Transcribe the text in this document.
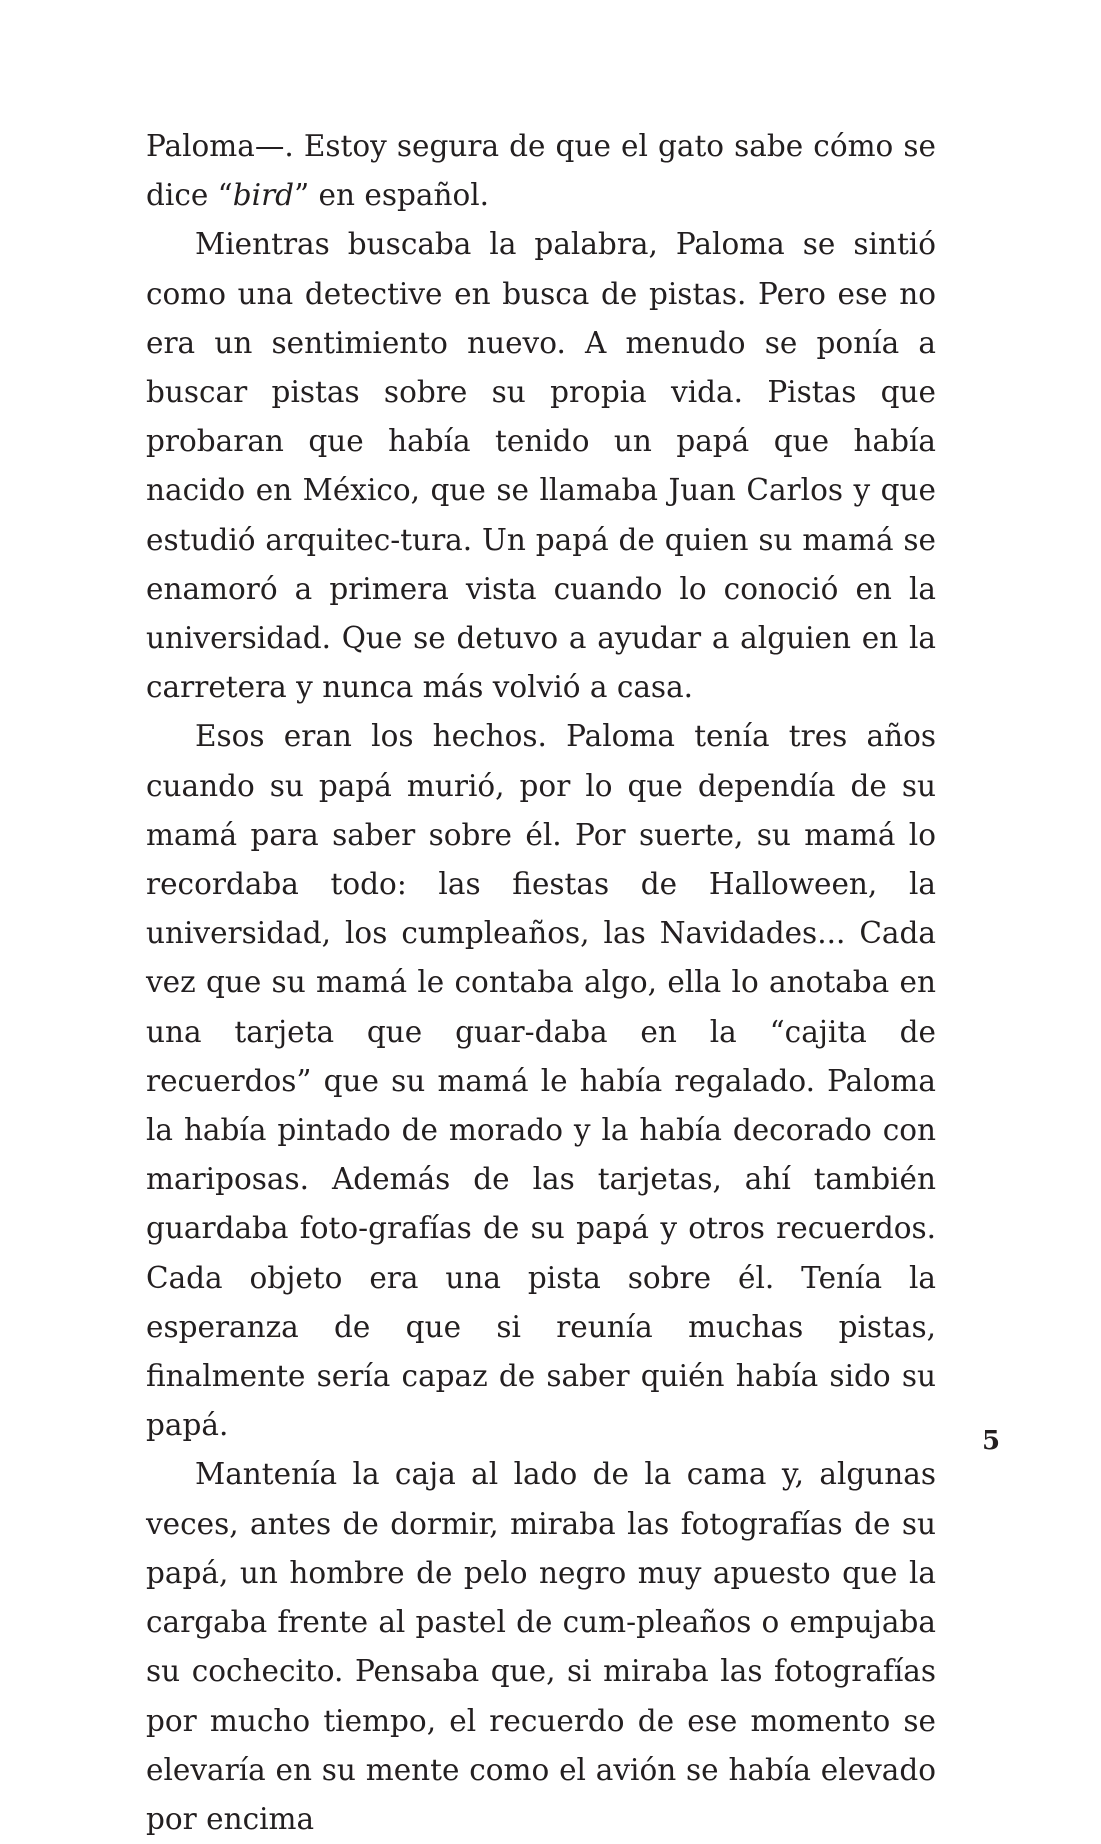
Paloma—. Estoy segura de que el gato sabe cómo se dice “bird” en español.

Mientras buscaba la palabra, Paloma se sintió como una detective en busca de pistas. Pero ese no era un sentimiento nuevo. A menudo se ponía a buscar pistas sobre su propia vida. Pistas que probaran que había tenido un papá que había nacido en México, que se llamaba Juan Carlos y que estudió arquitec-tura. Un papá de quien su mamá se enamoró a primera vista cuando lo conoció en la universidad. Que se detuvo a ayudar a alguien en la carretera y nunca más volvió a casa.

Esos eran los hechos. Paloma tenía tres años cuando su papá murió, por lo que dependía de su mamá para saber sobre él. Por suerte, su mamá lo recordaba todo: las fiestas de Halloween, la universidad, los cumpleaños, las Navidades... Cada vez que su mamá le contaba algo, ella lo anotaba en una tarjeta que guar-daba en la “cajita de recuerdos” que su mamá le había regalado. Paloma la había pintado de morado y la había decorado con mariposas. Además de las tarjetas, ahí también guardaba foto-grafías de su papá y otros recuerdos. Cada objeto era una pista sobre él. Tenía la esperanza de que si reunía muchas pistas, finalmente sería capaz de saber quién había sido su papá.

Mantenía la caja al lado de la cama y, algunas veces, antes de dormir, miraba las fotografías de su papá, un hombre de pelo negro muy apuesto que la cargaba frente al pastel de cum-pleaños o empujaba su cochecito. Pensaba que, si miraba las fotografías por mucho tiempo, el recuerdo de ese momento se elevaría en su mente como el avión se había elevado por encima

5
